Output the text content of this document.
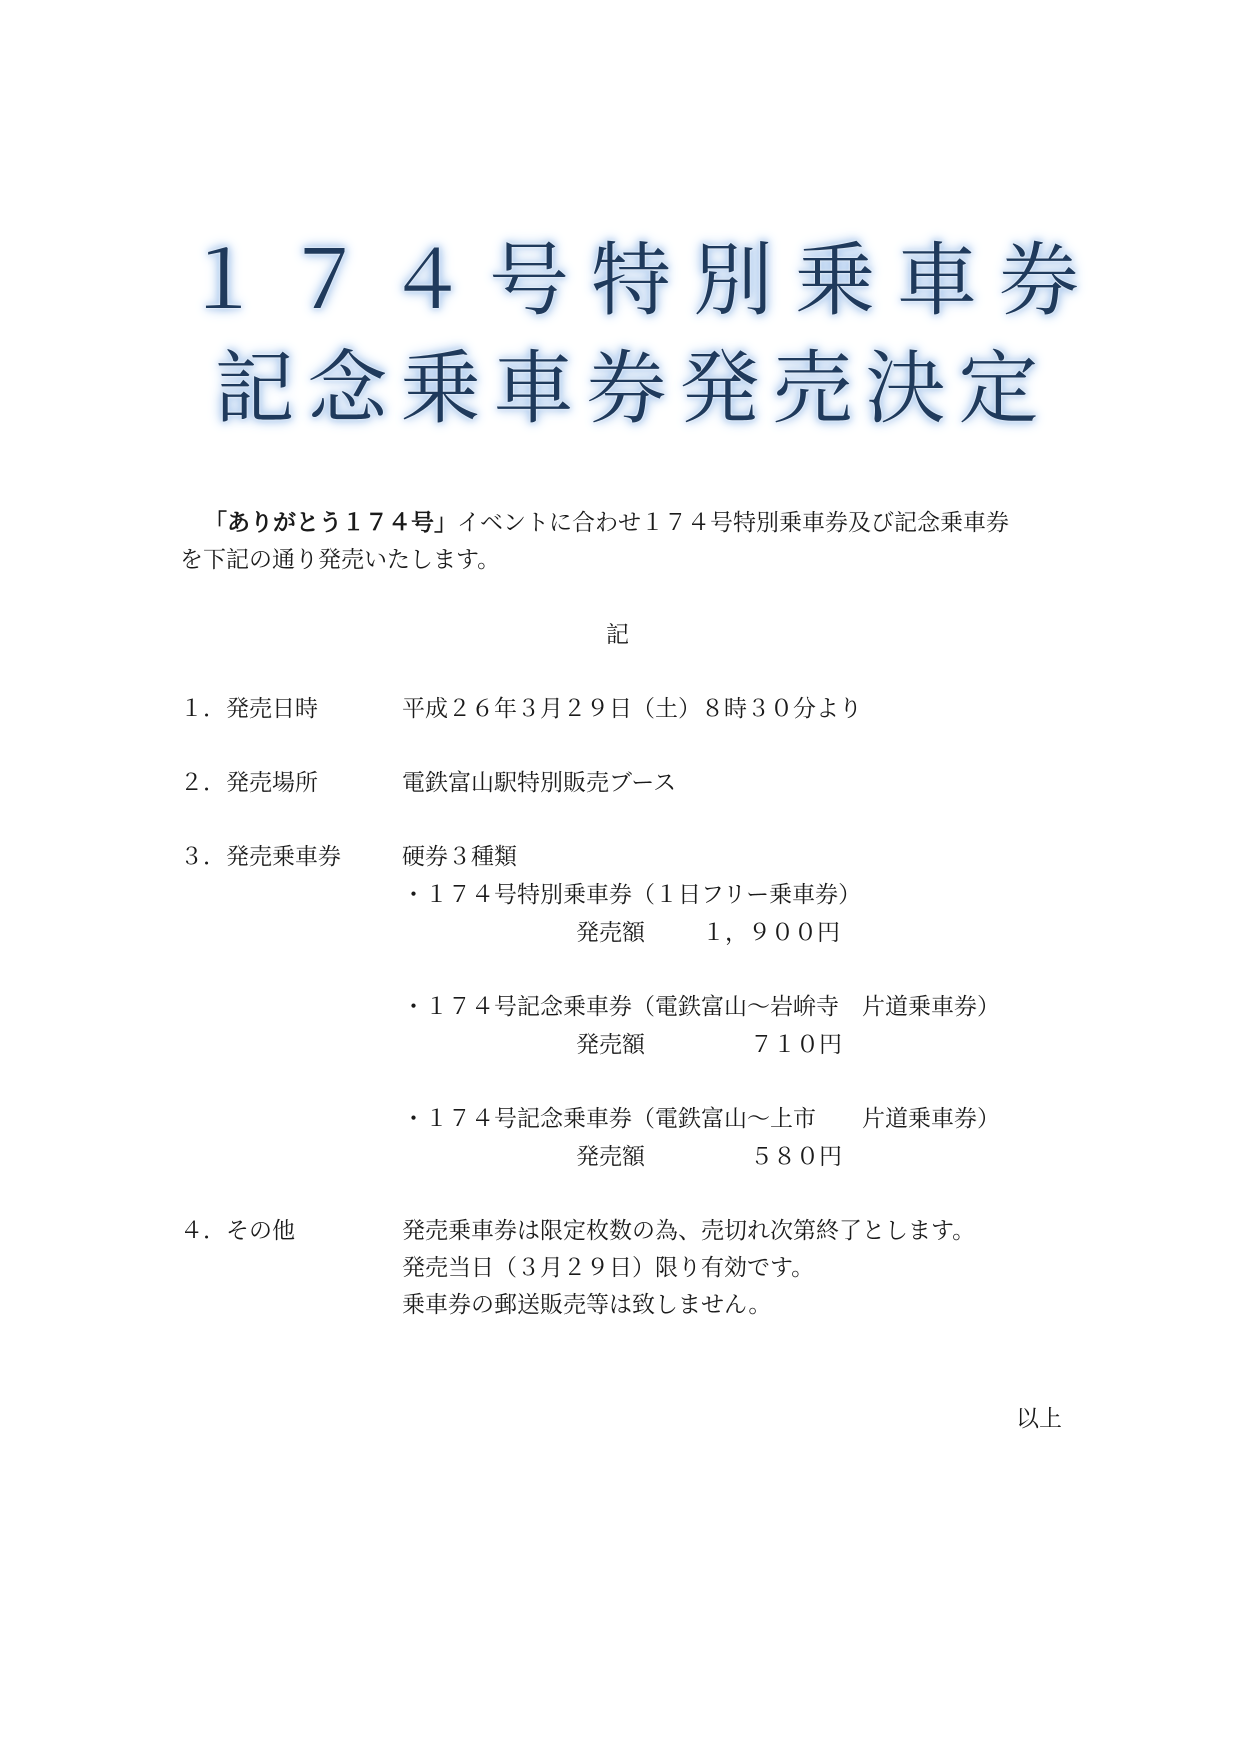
１７４号特別乗車券
記念乗車券発売決定
「ありがとう１７４号」イベントに合わせ１７４号特別乗車券及び記念乗車券
を下記の通り発売いたします。
記
１．発売日時	平成２６年３月２９日（土）８時３０分より
２．発売場所	電鉄富山駅特別販売ブース
３．発売乗車券	硬券３種類
・１７４号特別乗車券（１日フリー乗車券）
発売額 １，９００円
・１７４号記念乗車券（電鉄富山～岩峅寺　片道乗車券）
発売額	７１０円
・１７４号記念乗車券（電鉄富山～上市　　片道乗車券）
発売額	５８０円
４．その他	発売乗車券は限定枚数の為、売切れ次第終了とします。
発売当日（３月２９日）限り有効です。
乗車券の郵送販売等は致しません。
以上
